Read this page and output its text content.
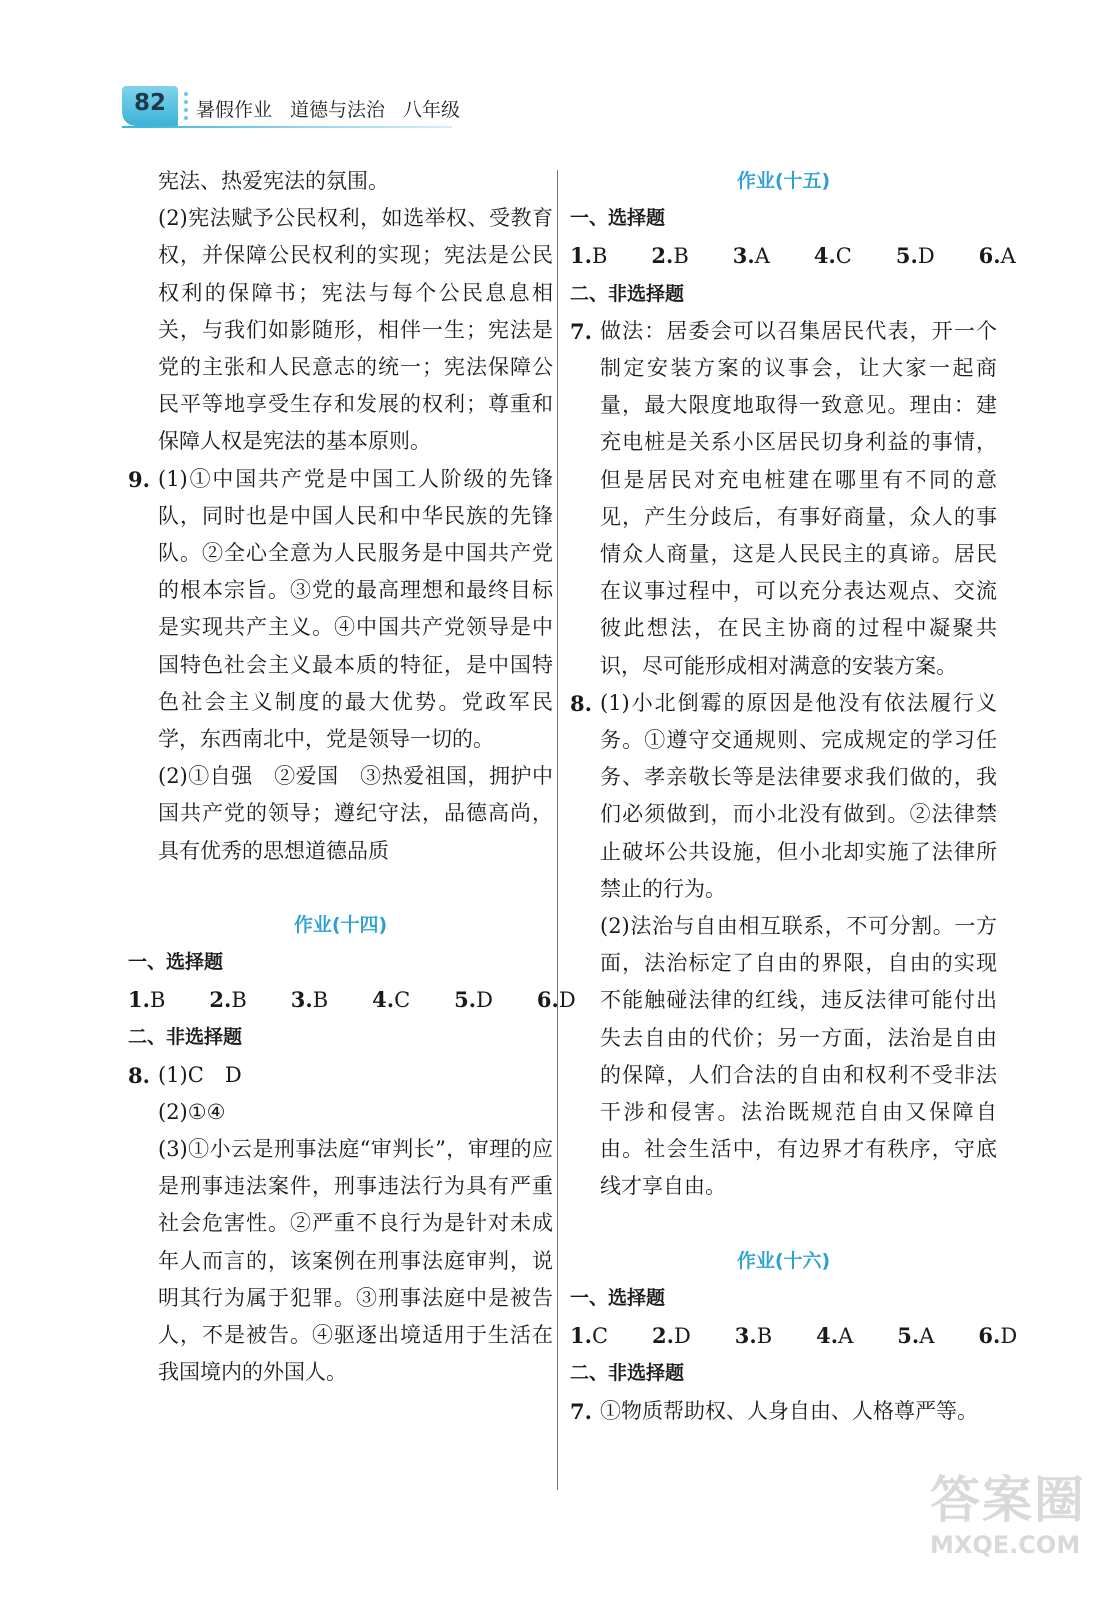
82	暑假作业 道德与法治 八年级
宪法、热爱宪法的氛围。
(2)宪法赋予公民权利，如选举权、受教育权，并保障公民权利的实现；宪法是公民权利的保障书；宪法与每个公民息息相关，与我们如影随形，相伴一生；宪法是党的主张和人民意志的统一；宪法保障公民平等地享受生存和发展的权利；尊重和保障人权是宪法的基本原则。
9. (1)①中国共产党是中国工人阶级的先锋队，同时也是中国人民和中华民族的先锋队。②全心全意为人民服务是中国共产党的根本宗旨。③党的最高理想和最终目标是实现共产主义。④中国共产党领导是中国特色社会主义最本质的特征，是中国特色社会主义制度的最大优势。党政军民学，东西南北中，党是领导一切的。
(2)①自强　②爱国　③热爱祖国，拥护中国共产党的领导；遵纪守法，品德高尚，具有优秀的思想道德品质
作业(十四)
一、选择题
1.B 2.B 3.B 4.C 5.D 6.D
二、非选择题
8. (1)C　D
(2)①④
(3)①小云是刑事法庭“审判长”，审理的应是刑事违法案件，刑事违法行为具有严重社会危害性。②严重不良行为是针对未成年人而言的，该案例在刑事法庭审判，说明其行为属于犯罪。③刑事法庭中是被告人，不是被告。④驱逐出境适用于生活在我国境内的外国人。
作业(十五)
一、选择题
1.B 2.B 3.A 4.C 5.D 6.A
二、非选择题
7. 做法：居委会可以召集居民代表，开一个制定安装方案的议事会，让大家一起商量，最大限度地取得一致意见。理由：建充电桩是关系小区居民切身利益的事情，但是居民对充电桩建在哪里有不同的意见，产生分歧后，有事好商量，众人的事情众人商量，这是人民民主的真谛。居民在议事过程中，可以充分表达观点、交流彼此想法，在民主协商的过程中凝聚共识，尽可能形成相对满意的安装方案。
8. (1)小北倒霉的原因是他没有依法履行义务。①遵守交通规则、完成规定的学习任务、孝亲敬长等是法律要求我们做的，我们必须做到，而小北没有做到。②法律禁止破坏公共设施，但小北却实施了法律所禁止的行为。
(2)法治与自由相互联系，不可分割。一方面，法治标定了自由的界限，自由的实现不能触碰法律的红线，违反法律可能付出失去自由的代价；另一方面，法治是自由的保障，人们合法的自由和权利不受非法干涉和侵害。法治既规范自由又保障自由。社会生活中，有边界才有秩序，守底线才享自由。
作业(十六)
一、选择题
1.C 2.D 3.B 4.A 5.A 6.D
二、非选择题
7. ①物质帮助权、人身自由、人格尊严等。
答案圈
MXQE.COM
